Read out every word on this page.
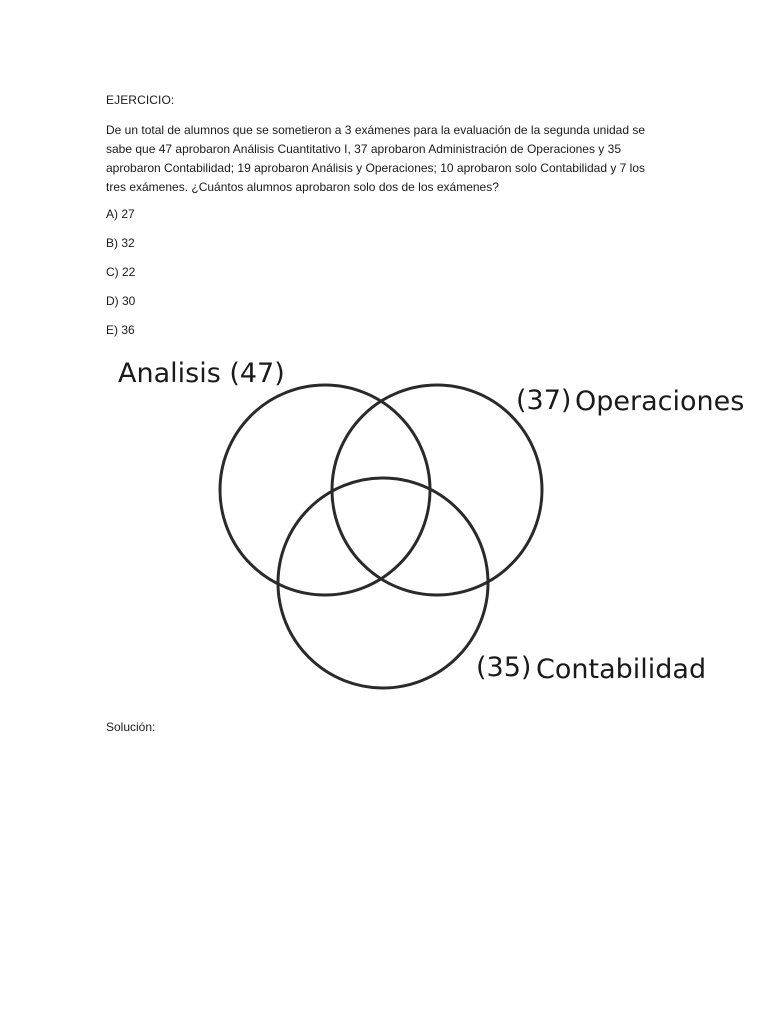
EJERCICIO:

De un total de alumnos que se sometieron a 3 exámenes para la evaluación de la segunda unidad se sabe que 47 aprobaron Análisis Cuantitativo I, 37 aprobaron Administración de Operaciones y 35 aprobaron Contabilidad; 19 aprobaron Análisis y Operaciones; 10 aprobaron solo Contabilidad y 7 los tres exámenes. ¿Cuántos alumnos aprobaron solo dos de los exámenes?

A) 27

B) 32

C) 22

D) 30

E) 36

Analisis (47)
(37) Operaciones
(35) Contabilidad
Solución:
